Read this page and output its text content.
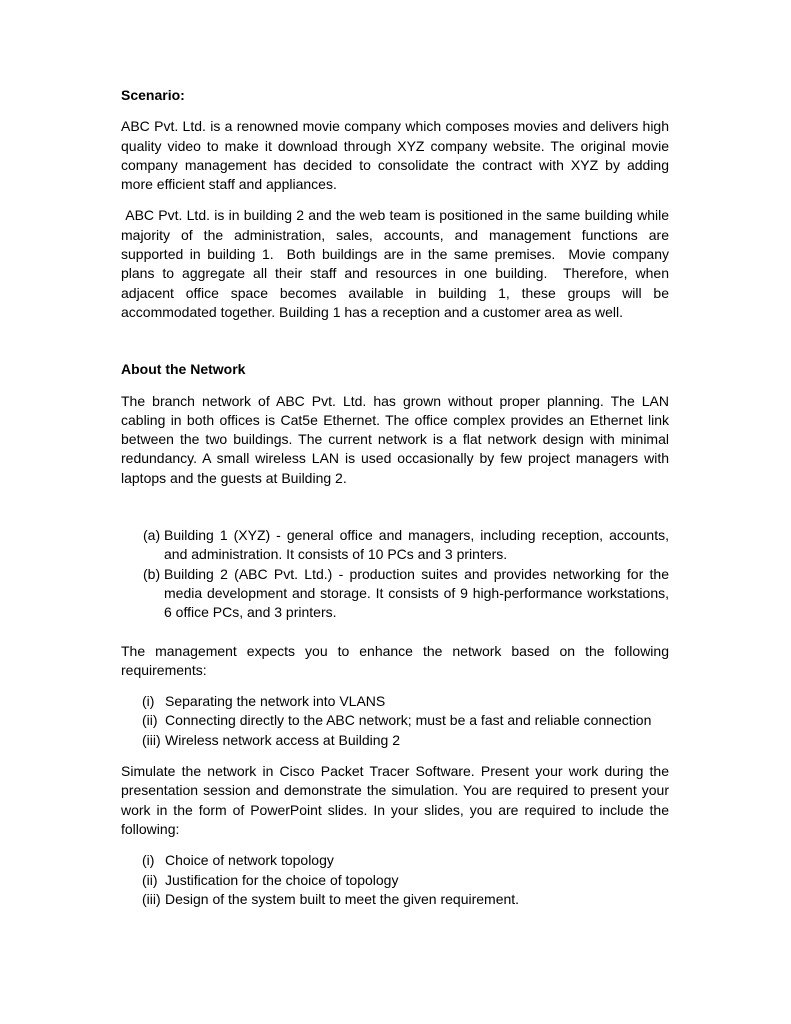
Scenario:

ABC Pvt. Ltd. is a renowned movie company which composes movies and delivers high quality video to make it download through XYZ company website. The original movie company management has decided to consolidate the contract with XYZ by adding more efficient staff and appliances.

ABC Pvt. Ltd. is in building 2 and the web team is positioned in the same building while majority of the administration, sales, accounts, and management functions are supported in building 1.  Both buildings are in the same premises.  Movie company plans to aggregate all their staff and resources in one building.  Therefore, when adjacent office space becomes available in building 1, these groups will be accommodated together. Building 1 has a reception and a customer area as well.

About the Network

The branch network of ABC Pvt. Ltd. has grown without proper planning. The LAN cabling in both offices is Cat5e Ethernet. The office complex provides an Ethernet link between the two buildings. The current network is a flat network design with minimal redundancy. A small wireless LAN is used occasionally by few project managers with laptops and the guests at Building 2.

(a) Building 1 (XYZ) - general office and managers, including reception, accounts, and administration. It consists of 10 PCs and 3 printers.
(b) Building 2 (ABC Pvt. Ltd.) - production suites and provides networking for the media development and storage. It consists of 9 high-performance workstations, 6 office PCs, and 3 printers.

The management expects you to enhance the network based on the following requirements:

(i) Separating the network into VLANS
(ii) Connecting directly to the ABC network; must be a fast and reliable connection
(iii) Wireless network access at Building 2

Simulate the network in Cisco Packet Tracer Software. Present your work during the presentation session and demonstrate the simulation. You are required to present your work in the form of PowerPoint slides. In your slides, you are required to include the following:

(i) Choice of network topology
(ii) Justification for the choice of topology
(iii) Design of the system built to meet the given requirement.
